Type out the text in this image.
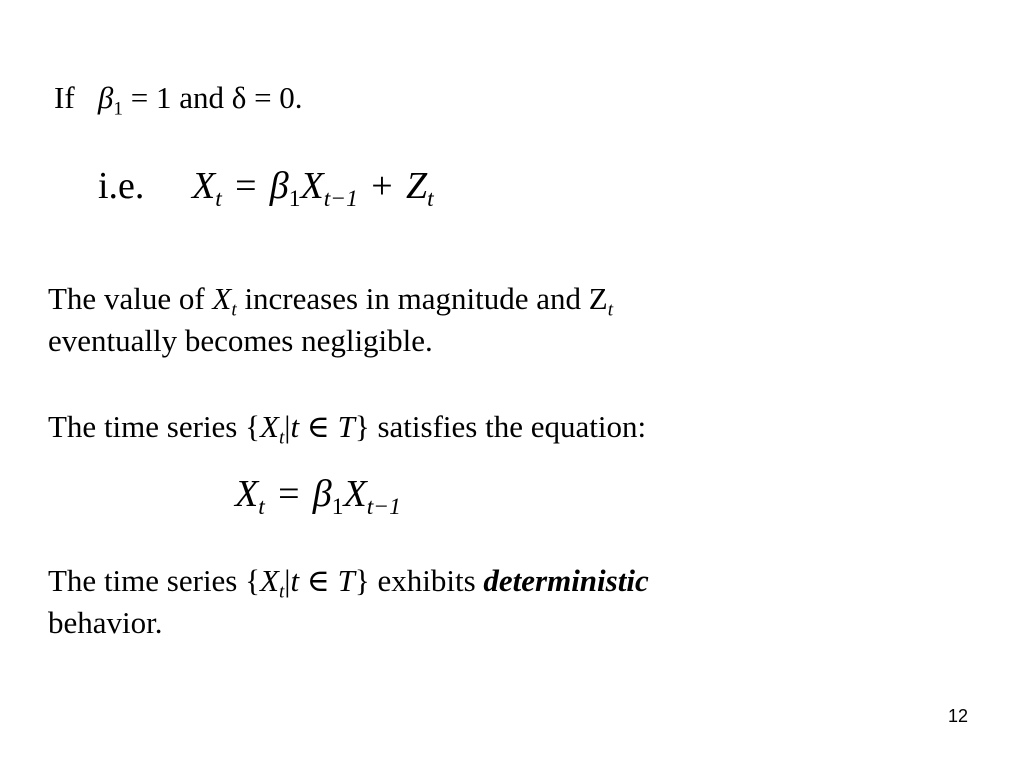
If $\beta_1 = 1$ and δ = 0.
i.e. Xt = β1Xt−1 + Zt
The value of $X_t$ increases in magnitude and $Z_t$
eventually becomes negligible.
The time series {$X_t|t$ ∈ T} satisfies the equation:
Xt = β1Xt−1
The time series {$X_t|t$ ∈ T} exhibits deterministic
behavior.
12
